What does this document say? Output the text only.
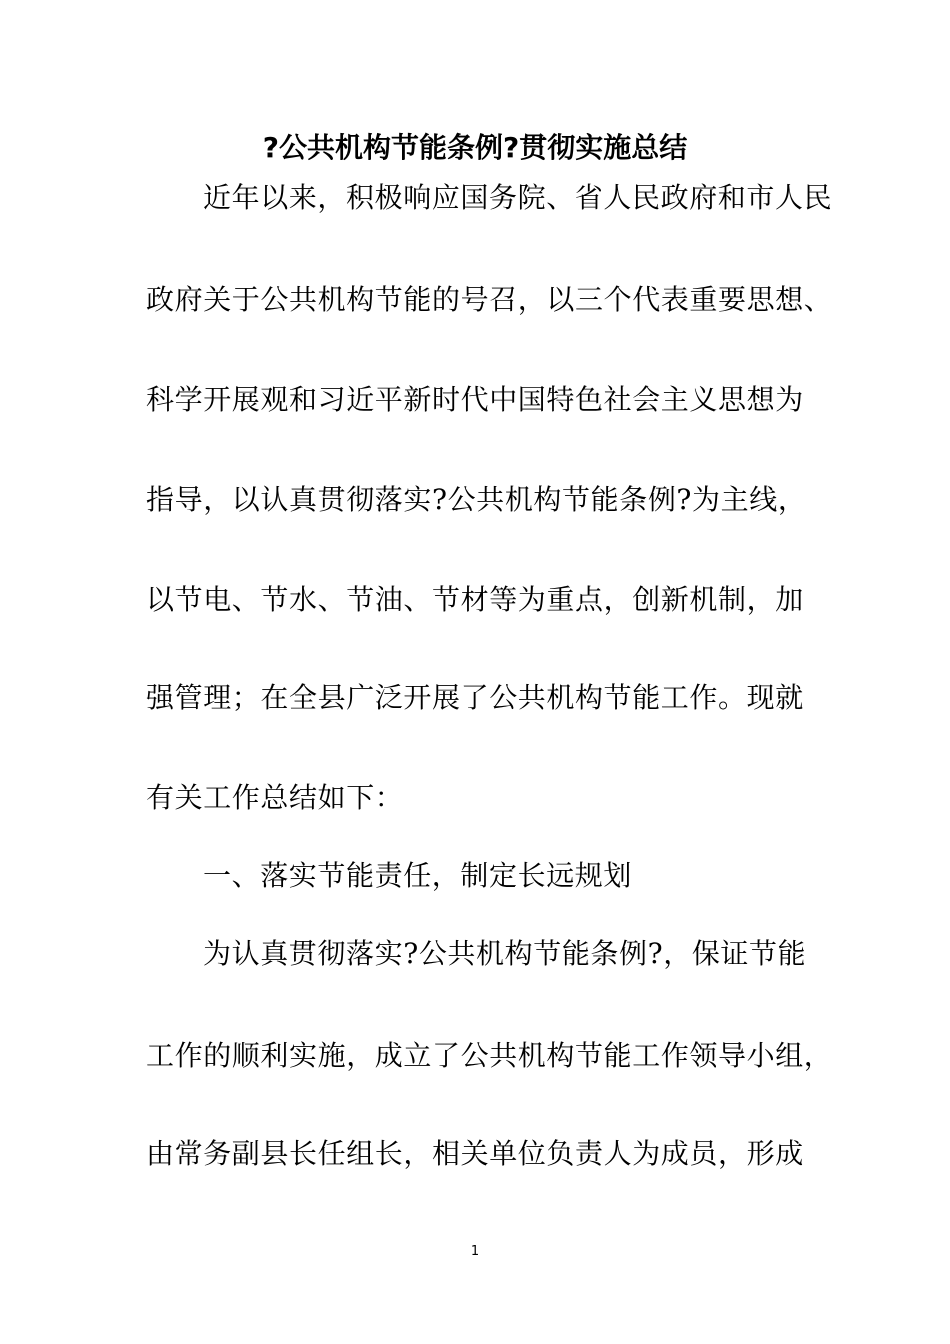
?公共机构节能条例?贯彻实施总结
近年以来，积极响应国务院、省人民政府和市人民
政府关于公共机构节能的号召，以三个代表重要思想、
科学开展观和习近平新时代中国特色社会主义思想为
指导，以认真贯彻落实?公共机构节能条例?为主线，
以节电、节水、节油、节材等为重点，创新机制，加
强管理；在全县广泛开展了公共机构节能工作。现就
有关工作总结如下：
一、落实节能责任，制定长远规划
为认真贯彻落实?公共机构节能条例?，保证节能
工作的顺利实施，成立了公共机构节能工作领导小组，
由常务副县长任组长，相关单位负责人为成员，形成
1
